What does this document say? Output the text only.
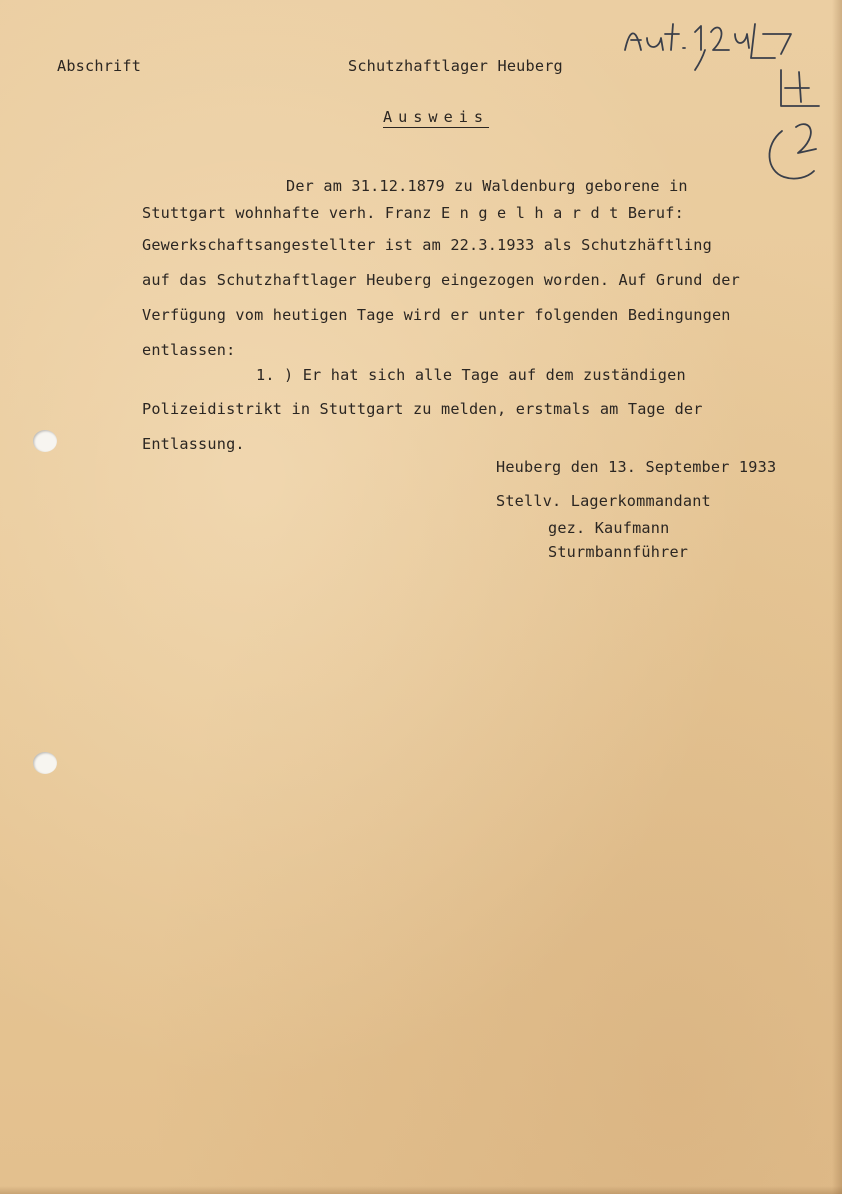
Abschrift	Schutzhaftlager Heuberg
Ausweis
Der am 31.12.1879 zu Waldenburg geborene in
Stuttgart wohnhafte verh. Franz E n g e l h a r d t Beruf:
Gewerkschaftsangestellter ist am 22.3.1933 als Schutzhäftling
auf das Schutzhaftlager Heuberg eingezogen worden. Auf Grund der
Verfügung vom heutigen Tage wird er unter folgenden Bedingungen
entlassen:
1. ) Er hat sich alle Tage auf dem zuständigen
Polizeidistrikt in Stuttgart zu melden, erstmals am Tage der
Entlassung.
Heuberg den 13. September 1933
Stellv. Lagerkommandant
gez. Kaufmann
Sturmbannführer
